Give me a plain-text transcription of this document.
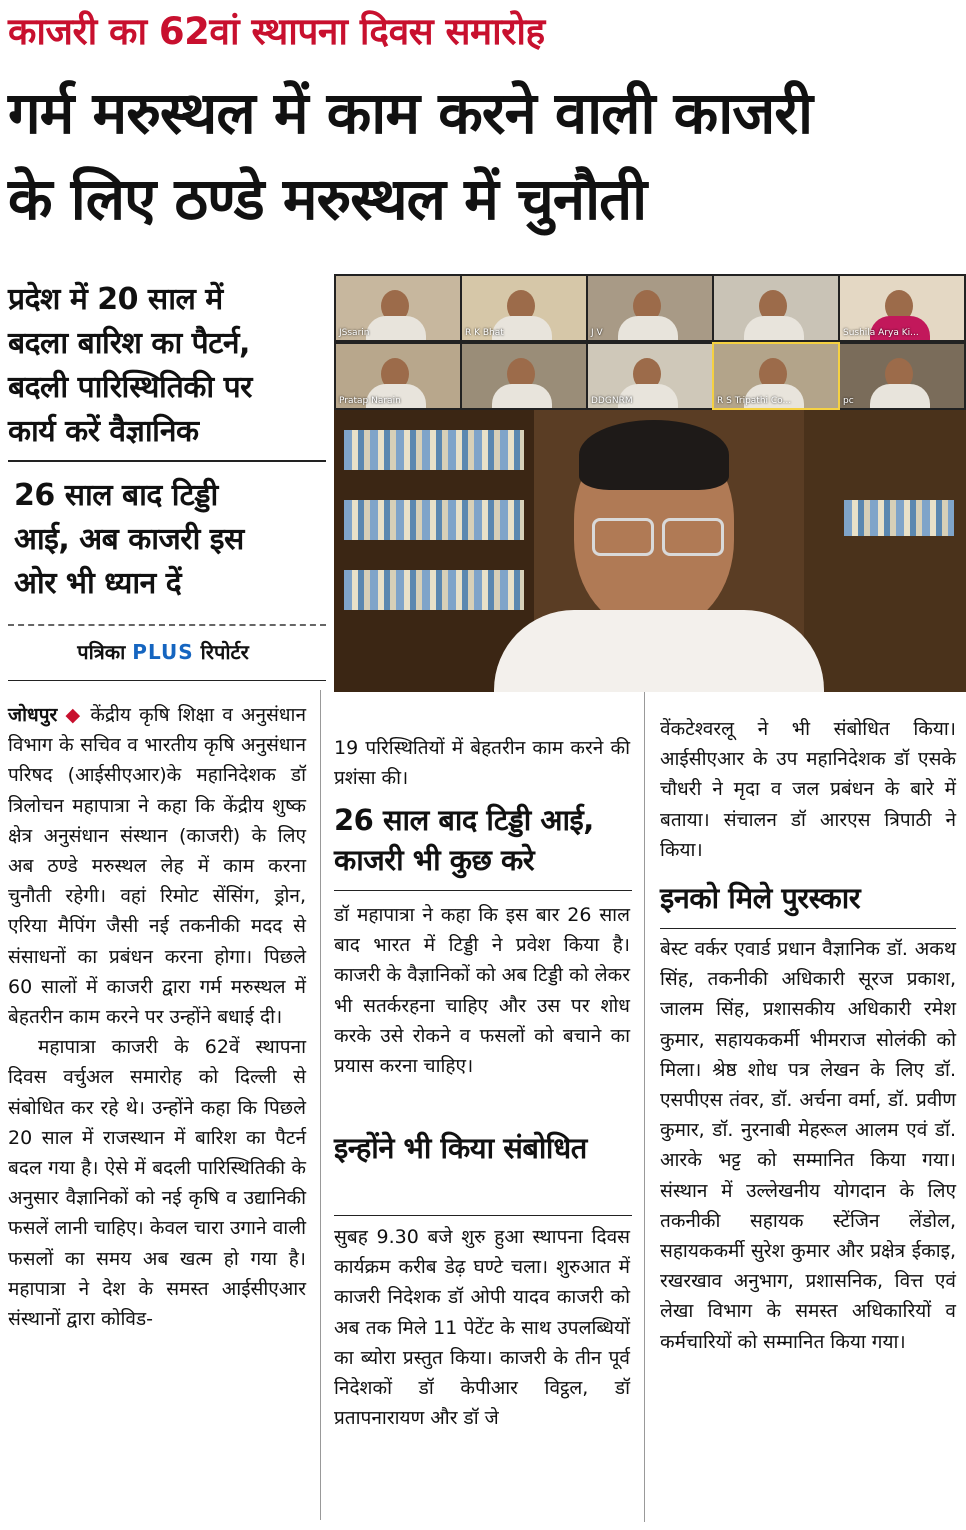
काजरी का 62वां स्थापना दिवस समारोह
गर्म मरुस्थल में काम करने वाली काजरी
के लिए ठण्डे मरुस्थल में चुनौती
प्रदेश में 20 साल में
बदला बारिश का पैटर्न,
बदली पारिस्थितिकी पर
कार्य करें वैज्ञानिक
26 साल बाद टिड्डी
आई, अब काजरी इस
ओर भी ध्यान दें
पत्रिका PLUS रिपोर्टर
JSsarin	R K Bhat	J V	Sushila Arya Ki...
Pratap Narain	DDGNRM	R S Tripathi Co...	pc

जोधपुर ◆ केंद्रीय कृषि शिक्षा व अनुसंधान विभाग के सचिव व भारतीय कृषि अनुसंधान परिषद (आईसीएआर)के महानिदेशक डॉ त्रिलोचन महापात्रा ने कहा कि केंद्रीय शुष्क क्षेत्र अनुसंधान संस्थान (काजरी) के लिए अब ठण्डे मरुस्थल लेह में काम करना चुनौती रहेगी। वहां रिमोट सेंसिंग, ड्रोन, एरिया मैपिंग जैसी नई तकनीकी मदद से संसाधनों का प्रबंधन करना होगा। पिछले 60 सालों में काजरी द्वारा गर्म मरुस्थल में बेहतरीन काम करने पर उन्होंने बधाई दी।

महापात्रा काजरी के 62वें स्थापना दिवस वर्चुअल समारोह को दिल्ली से संबोधित कर रहे थे। उन्होंने कहा कि पिछले 20 साल में राजस्थान में बारिश का पैटर्न बदल गया है। ऐसे में बदली पारिस्थितिकी के अनुसार वैज्ञानिकों को नई कृषि व उद्यानिकी फसलें लानी चाहिए। केवल चारा उगाने वाली फसलों का समय अब खत्म हो गया है। महापात्रा ने देश के समस्त आईसीएआर संस्थानों द्वारा कोविड-

19 परिस्थितियों में बेहतरीन काम करने की प्रशंसा की।

26 साल बाद टिड्डी आई, काजरी भी कुछ करे

डॉ महापात्रा ने कहा कि इस बार 26 साल बाद भारत में टिड्डी ने प्रवेश किया है। काजरी के वैज्ञानिकों को अब टिड्डी को लेकर भी सतर्करहना चाहिए और उस पर शोध करके उसे रोकने व फसलों को बचाने का प्रयास करना चाहिए।

इन्होंने भी किया संबोधित

सुबह 9.30 बजे शुरु हुआ स्थापना दिवस कार्यक्रम करीब डेढ़ घण्टे चला। शुरुआत में काजरी निदेशक डॉ ओपी यादव काजरी को अब तक मिले 11 पेटेंट के साथ उपलब्धियों का ब्योरा प्रस्तुत किया। काजरी के तीन पूर्व निदेशकों डॉ केपीआर विट्ठल, डॉ प्रतापनारायण और डॉ जे

वेंकटेश्वरलू ने भी संबोधित किया। आईसीएआर के उप महानिदेशक डॉ एसके चौधरी ने मृदा व जल प्रबंधन के बारे में बताया। संचालन डॉ आरएस त्रिपाठी ने किया।

इनको मिले पुरस्कार

बेस्ट वर्कर एवार्ड प्रधान वैज्ञानिक डॉ. अकथ सिंह, तकनीकी अधिकारी सूरज प्रकाश, जालम सिंह, प्रशासकीय अधिकारी रमेश कुमार, सहायककर्मी भीमराज सोलंकी को मिला। श्रेष्ठ शोध पत्र लेखन के लिए डॉ. एसपीएस तंवर, डॉ. अर्चना वर्मा, डॉ. प्रवीण कुमार, डॉ. नुरनाबी मेहरूल आलम एवं डॉ. आरके भट्ट को सम्मानित किया गया। संस्थान में उल्लेखनीय योगदान के लिए तकनीकी सहायक स्टेंजिन लेंडोल, सहायककर्मी सुरेश कुमार और प्रक्षेत्र ईकाइ, रखरखाव अनुभाग, प्रशासनिक, वित्त एवं लेखा विभाग के समस्त अधिकारियों व कर्मचारियों को सम्मानित किया गया।
